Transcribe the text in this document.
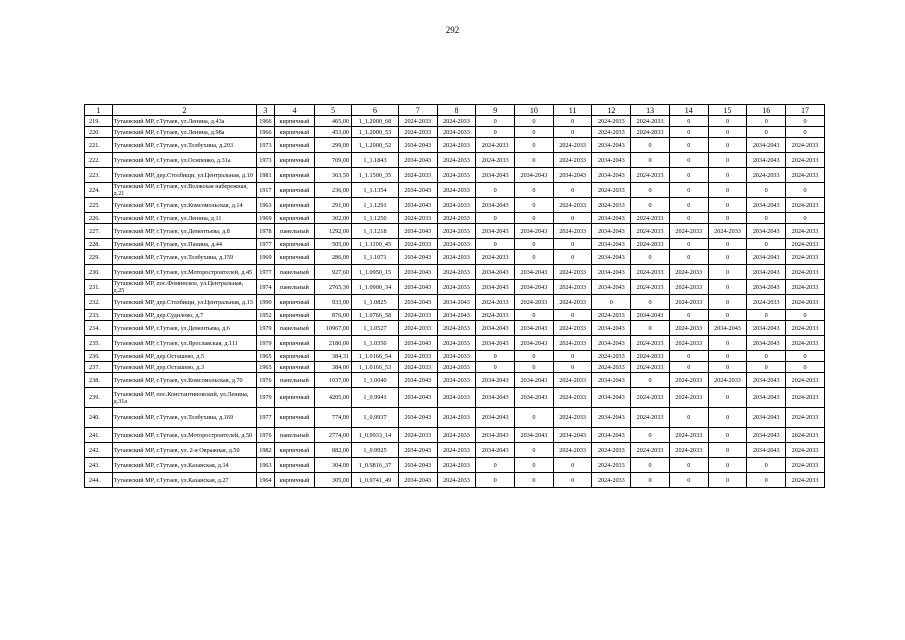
292
1	2	3	4	5	6	7	8	9	10	11	12	13	14	15	16	17
219.	Тутаевский МР, г.Тутаев, ул.Ленина, д.43а	1966	кирпичный	465,00	1_1.2000_68	2024-2033	2024-2033	0	0	0	2024-2033	2024-2033	0	0	0	0
220.	Тутаевский МР, г.Тутаев, ул.Ленина, д.98а	1966	кирпичный	453,00	1_1.2000_53	2024-2033	2024-2033	0	0	0	2024-2033	2024-2033	0	0	0	0
221.	Тутаевский МР, г.Тутаев, ул.Толбухина, д.203	1973	кирпичный	299,00	1_1.2000_52	2034-2043	2024-2033	2024-2033	0	2024-2033	2034-2043	0	0	0	2034-2043	2024-2033
222.	Тутаевский МР, г.Тутаев, ул.Осипенко, д.31а	1973	кирпичный	709,00	1_1.1843	2034-2043	2024-2033	2024-2033	0	2024-2033	2034-2043	0	0	0	2034-2043	2024-2033
223.	Тутаевский МР, дер.Столбищи, ул.Центральная, д.10	1981	кирпичный	363,50	1_1.1500_35	2024-2033	2024-2033	2034-2043	2034-2043	2034-2043	2034-2043	2024-2033	0	0	2024-2033	2024-2033
224.	Тутаевский МР, г.Тутаев, ул.Волжская набережная, д.21	1917	кирпичный	236,00	1_1.1354	2034-2043	2024-2033	0	0	0	2024-2033	0	0	0	0	0
225.	Тутаевский МР, г.Тутаев, ул.Комсомольская, д.14	1963	кирпичный	291,00	1_1.1291	2034-2043	2024-2033	2034-2043	0	2024-2033	2024-2033	0	0	0	2034-2043	2024-2033
226.	Тутаевский МР, г.Тутаев, ул.Ленина, д.11	1969	кирпичный	302,00	1_1.1250	2024-2033	2024-2033	0	0	0	2034-2043	2024-2033	0	0	0	0
227.	Тутаевский МР, г.Тутаев, ул.Дементьева, д.8	1978	панельный	1292,00	1_1.1218	2034-2043	2024-2033	2034-2043	2034-2043	2024-2033	2034-2043	2024-2033	2024-2033	2024-2033	2034-2043	2024-2033
228.	Тутаевский МР, г.Тутаев, ул.Панина, д.44	1977	кирпичный	505,00	1_1.1100_45	2024-2033	2024-2033	0	0	0	2034-2043	2024-2033	0	0	0	2024-2033
229.	Тутаевский МР, г.Тутаев, ул.Толбухина, д.159	1969	кирпичный	286,00	1_1.1071	2034-2043	2024-2033	2024-2033	0	0	2034-2043	0	0	0	2034-2043	2024-2033
230.	Тутаевский МР, г.Тутаев, ул.Моторостроителей, д.45	1977	панельный	927,60	1_1.0950_15	2034-2043	2024-2033	2034-2043	2034-2043	2024-2033	2034-2043	2024-2033	2024-2033	0	2034-2043	2024-2033
231.	Тутаевский МР, пос.Фоминское, ул.Центральная, д.25	1974	панельный	2765,30	1_1.0900_34	2034-2043	2024-2033	2034-2043	2034-2043	2024-2033	2034-2043	2024-2033	2024-2033	0	2034-2043	2024-2033
232.	Тутаевский МР, дер.Столбищи, ул.Центральная, д.13	1990	кирпичный	933,00	1_1.0825	2034-2043	2034-2043	2024-2033	2024-2033	2024-2033	0	0	2024-2033	0	2024-2033	2024-2033
233.	Тутаевский МР, дер.Судилово, д.7	1952	кирпичный	876,00	1_1.0766_58	2024-2033	2034-2043	2024-2033	0	0	2024-2033	2034-2043	0	0	0	0
234.	Тутаевский МР, г.Тутаев, ул.Дементьева, д.6	1979	панельный	10967,00	1_1.0527	2024-2033	2024-2033	2034-2043	2034-2043	2024-2033	2034-2043	0	2024-2033	2034-2043	2034-2043	2024-2033
235.	Тутаевский МР, г.Тутаев, ул.Ярославская, д.111	1979	кирпичный	2180,00	1_1.0350	2034-2043	2024-2033	2034-2043	2034-2043	2024-2033	2034-2043	2024-2033	2024-2033	0	2034-2043	2024-2033
236.	Тутаевский МР, дер.Осташево, д.5	1965	кирпичный	384,31	1_1.0166_54	2024-2033	2024-2033	0	0	0	2024-2033	2024-2033	0	0	0	0
237.	Тутаевский МР, дер.Осташево, д.3	1965	кирпичный	384,00	1_1.0166_53	2024-2033	2024-2033	0	0	0	2024-2033	2024-2033	0	0	0	0
238.	Тутаевский МР, г.Тутаев, ул.Комсомольская, д.70	1976	панельный	1037,00	1_1.0040	2034-2043	2024-2033	2034-2043	2034-2043	2024-2033	2034-2043	0	2024-2033	2024-2033	2034-2043	2024-2033
239.	Тутаевский МР, пос.Константиновский, ул.Ленина, д.31а	1979	кирпичный	4205,00	1_0.9941	2034-2043	2024-2033	2034-2043	2034-2043	2024-2033	2034-2043	2024-2033	2024-2033	0	2034-2043	2024-2033
240.	Тутаевский МР, г.Тутаев, ул.Толбухина, д.169	1977	кирпичный	774,00	1_0.9937	2034-2043	2024-2033	2034-2043	0	2024-2033	2034-2043	2024-2033	0	0	2034-2043	2024-2033
241.	Тутаевский МР, г.Тутаев, ул.Моторостроителей, д.50	1976	панельный	2774,00	1_0.9933_14	2024-2033	2024-2033	2034-2043	2034-2043	2034-2043	2034-2043	0	2024-2033	0	2034-2043	2024-2033
242.	Тутаевский МР, г.Тутаев, ул. 2-я Овражная, д.50	1982	кирпичный	882,00	1_0.9925	2034-2043	2024-2033	2034-2043	0	2024-2033	2024-2033	2024-2033	2024-2033	0	2034-2043	2024-2033
243.	Тутаевский МР, г.Тутаев, ул.Казанская, д.14	1963	кирпичный	304,00	1_0.9816_37	2034-2043	2024-2033	0	0	0	2024-2033	0	0	0	0	2024-2033
244.	Тутаевский МР, г.Тутаев, ул.Казанская, д.27	1964	кирпичный	305,00	1_0.9741_49	2034-2043	2024-2033	0	0	0	2024-2033	0	0	0	0	2024-2033
